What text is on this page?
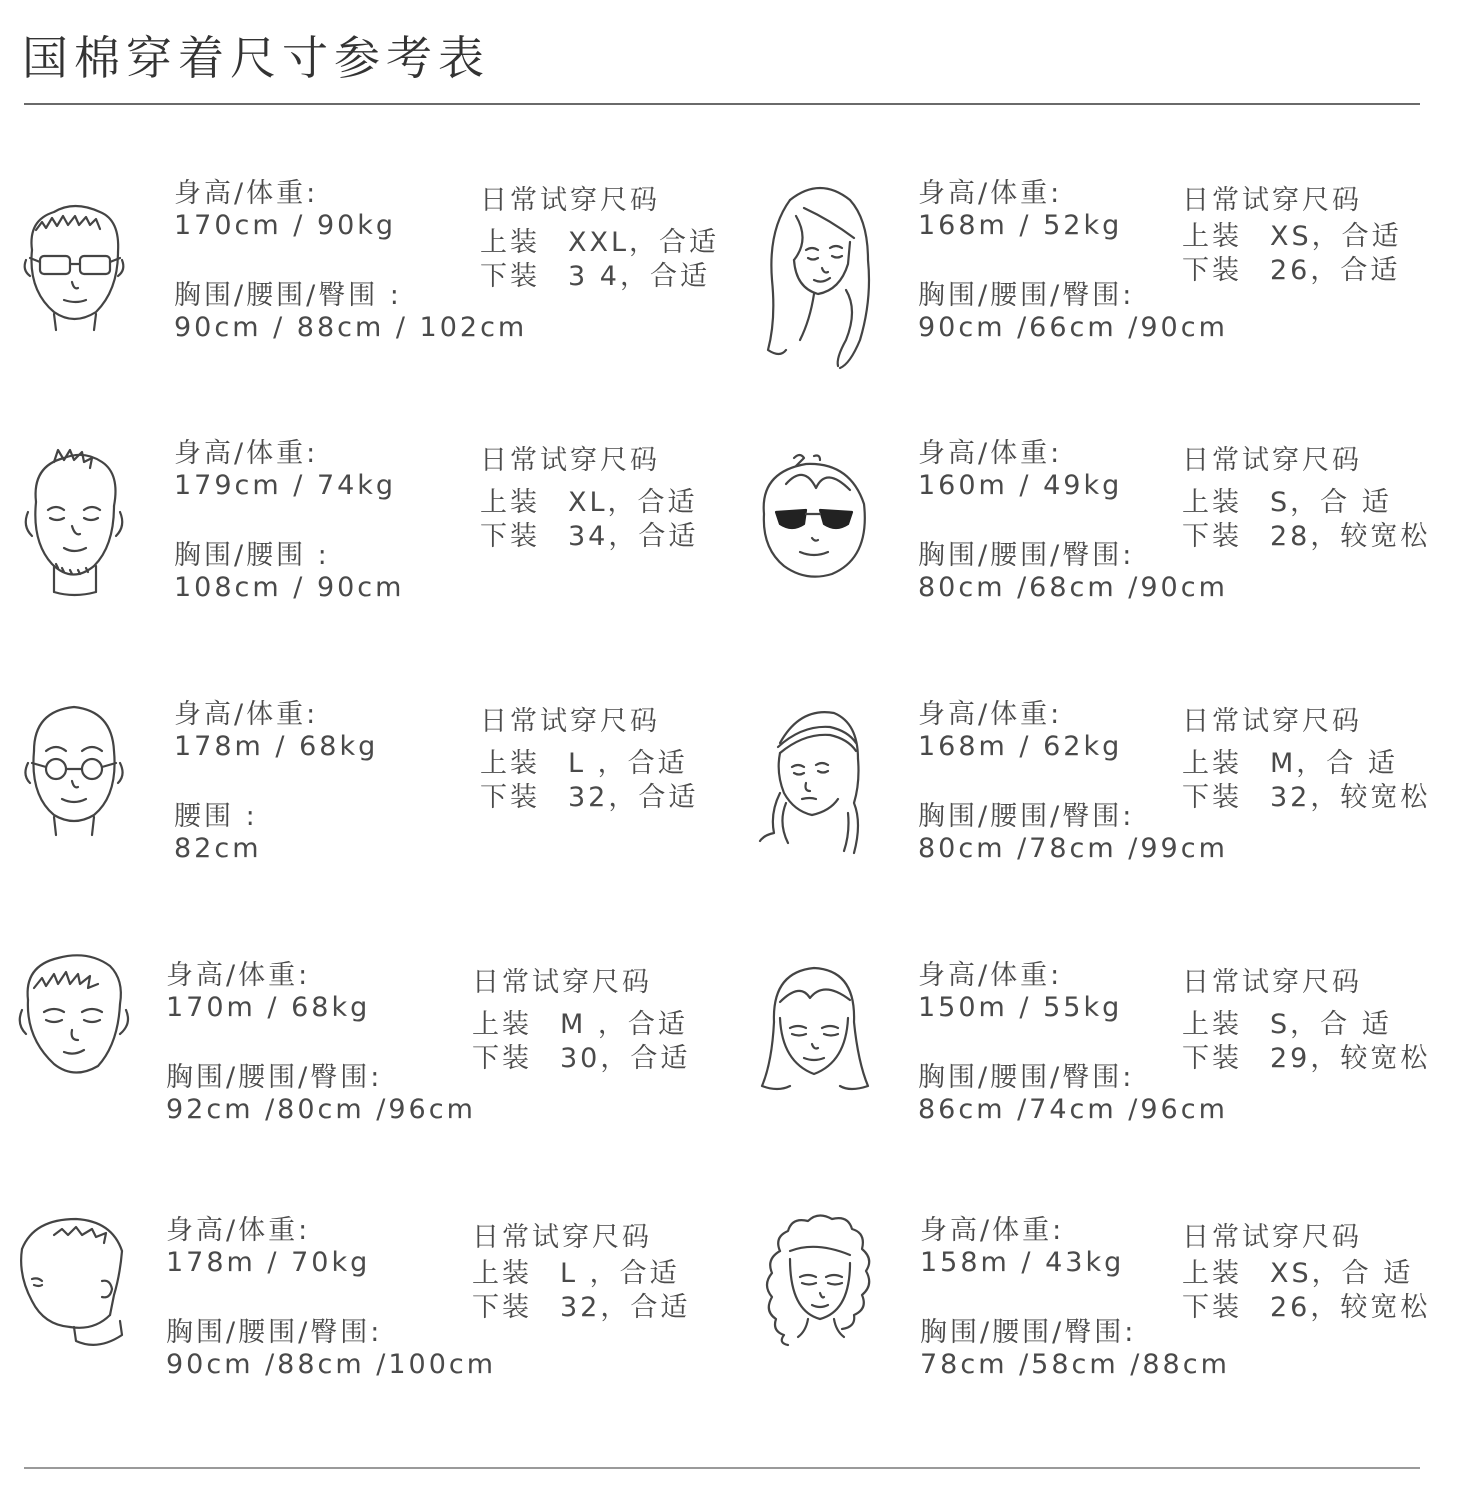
国棉穿着尺寸参考表
身高/体重:
170cm / 90kg
胸围/腰围/臀围 :
90cm / 88cm / 102cm
日常试穿尺码
上装 XXL，合适
下装 3 4，合适
身高/体重:
168m / 52kg
胸围/腰围/臀围:
90cm /66cm /90cm
日常试穿尺码
上装 XS，合适
下装 26，合适
身高/体重:
179cm / 74kg
胸围/腰围 :
108cm / 90cm
日常试穿尺码
上装 XL，合适
下装 34，合适
身高/体重:
160m / 49kg
胸围/腰围/臀围:
80cm /68cm /90cm
日常试穿尺码
上装 S，合 适
下装 28，较宽松
身高/体重:
178m / 68kg
腰围 :
82cm
日常试穿尺码
上装 L ，合适
下装 32，合适
身高/体重:
168m / 62kg
胸围/腰围/臀围:
80cm /78cm /99cm
日常试穿尺码
上装 M，合 适
下装 32，较宽松
身高/体重:
170m / 68kg
胸围/腰围/臀围:
92cm /80cm /96cm
日常试穿尺码
上装 M ，合适
下装 30，合适
身高/体重:
150m / 55kg
胸围/腰围/臀围:
86cm /74cm /96cm
日常试穿尺码
上装 S，合 适
下装 29，较宽松
身高/体重:
178m / 70kg
胸围/腰围/臀围:
90cm /88cm /100cm
日常试穿尺码
上装 L ，合适
下装 32，合适
身高/体重:
158m / 43kg
胸围/腰围/臀围:
78cm /58cm /88cm
日常试穿尺码
上装 XS，合 适
下装 26，较宽松
